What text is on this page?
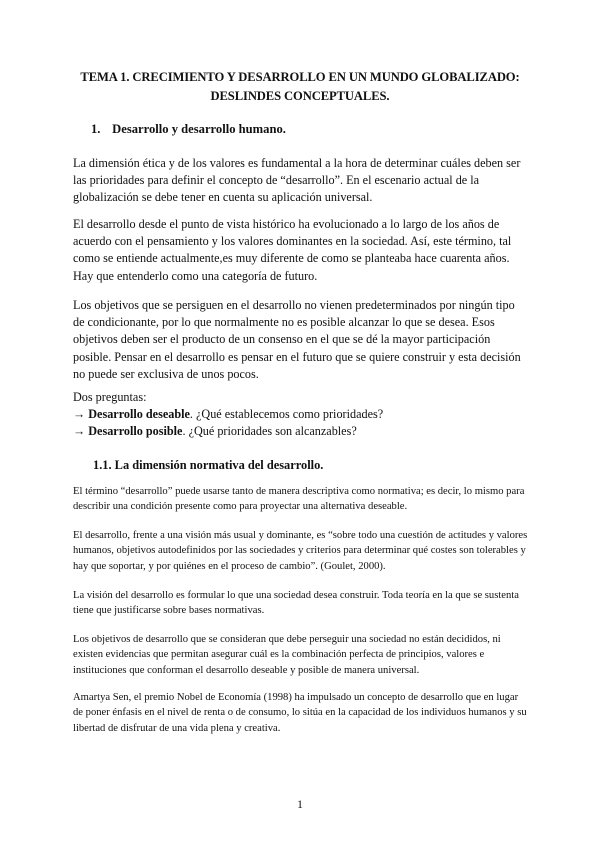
TEMA 1. CRECIMIENTO Y DESARROLLO EN UN MUNDO GLOBALIZADO: DESLINDES CONCEPTUALES.
1. Desarrollo y desarrollo humano.

La dimensión ética y de los valores es fundamental a la hora de determinar cuáles deben ser las prioridades para definir el concepto de “desarrollo”. En el escenario actual de la globalización se debe tener en cuenta su aplicación universal.

El desarrollo desde el punto de vista histórico ha evolucionado a lo largo de los años de acuerdo con el pensamiento y los valores dominantes en la sociedad. Así, este término, tal como se entiende actualmente,es muy diferente de como se planteaba hace cuarenta años. Hay que entenderlo como una categoría de futuro.

Los objetivos que se persiguen en el desarrollo no vienen predeterminados por ningún tipo de condicionante, por lo que normalmente no es posible alcanzar lo que se desea. Esos objetivos deben ser el producto de un consenso en el que se dé la mayor participación posible. Pensar en el desarrollo es pensar en el futuro que se quiere construir y esta decisión no puede ser exclusiva de unos pocos.

Dos preguntas:
→ Desarrollo deseable. ¿Qué establecemos como prioridades?
→ Desarrollo posible. ¿Qué prioridades son alcanzables?
1.1. La dimensión normativa del desarrollo.

El término “desarrollo” puede usarse tanto de manera descriptiva como normativa; es decir, lo mismo para describir una condición presente como para proyectar una alternativa deseable.

El desarrollo, frente a una visión más usual y dominante, es “sobre todo una cuestión de actitudes y valores humanos, objetivos autodefinidos por las sociedades y criterios para determinar qué costes son tolerables y hay que soportar, y por quiénes en el proceso de cambio”. (Goulet, 2000).

La visión del desarrollo es formular lo que una sociedad desea construir. Toda teoría en la que se sustenta tiene que justificarse sobre bases normativas.

Los objetivos de desarrollo que se consideran que debe perseguir una sociedad no están decididos, ni existen evidencias que permitan asegurar cuál es la combinación perfecta de principios, valores e instituciones que conforman el desarrollo deseable y posible de manera universal.

Amartya Sen, el premio Nobel de Economía (1998) ha impulsado un concepto de desarrollo que en lugar de poner énfasis en el nivel de renta o de consumo, lo sitúa en la capacidad de los individuos humanos y su libertad de disfrutar de una vida plena y creativa.

1
